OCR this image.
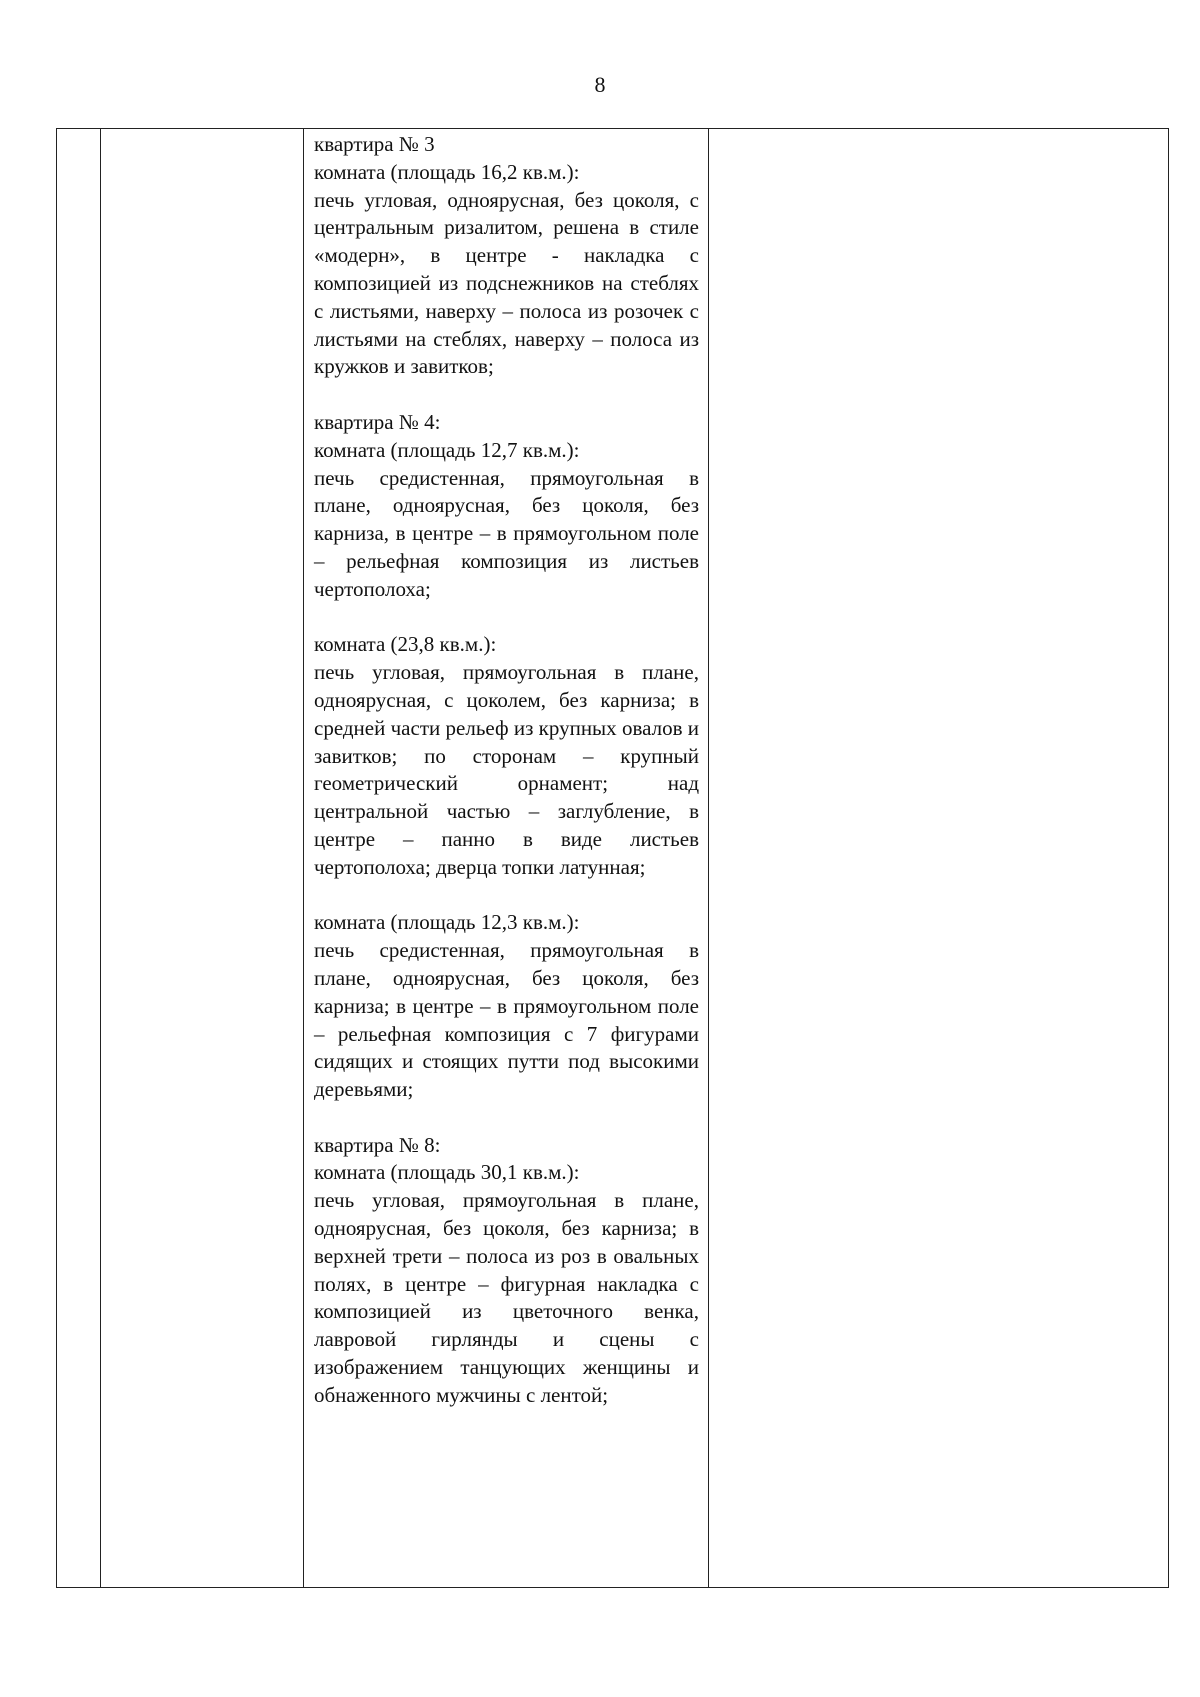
8

квартира № 3
комната (площадь 16,2 кв.м.):
печь угловая, одноярусная, без цоколя, с центральным ризалитом, решена в стиле «модерн», в центре - накладка с композицией из подснежников на стеблях с листьями, наверху – полоса из розочек с листьями на стеблях, наверху – полоса из кружков и завитков;
квартира № 4:
комната (площадь 12,7 кв.м.):
печь средистенная, прямоугольная в плане, одноярусная, без цоколя, без карниза, в центре – в прямоугольном поле – рельефная композиция из листьев чертополоха;
комната (23,8 кв.м.):
печь угловая, прямоугольная в плане, одноярусная, с цоколем, без карниза; в средней части рельеф из крупных овалов и завитков; по сторонам – крупный геометрический орнамент; над центральной частью – заглубление, в центре – панно в виде листьев чертополоха; дверца топки латунная;
комната (площадь 12,3 кв.м.):
печь средистенная, прямоугольная в плане, одноярусная, без цоколя, без карниза; в центре – в прямоугольном поле – рельефная композиция с 7 фигурами сидящих и стоящих путти под высокими деревьями;
квартира № 8:
комната (площадь 30,1 кв.м.):
печь угловая, прямоугольная в плане, одноярусная, без цоколя, без карниза; в верхней трети – полоса из роз в овальных полях, в центре – фигурная накладка с композицией из цветочного венка, лавровой гирлянды и сцены с изображением танцующих женщины и обнаженного мужчины с лентой;
